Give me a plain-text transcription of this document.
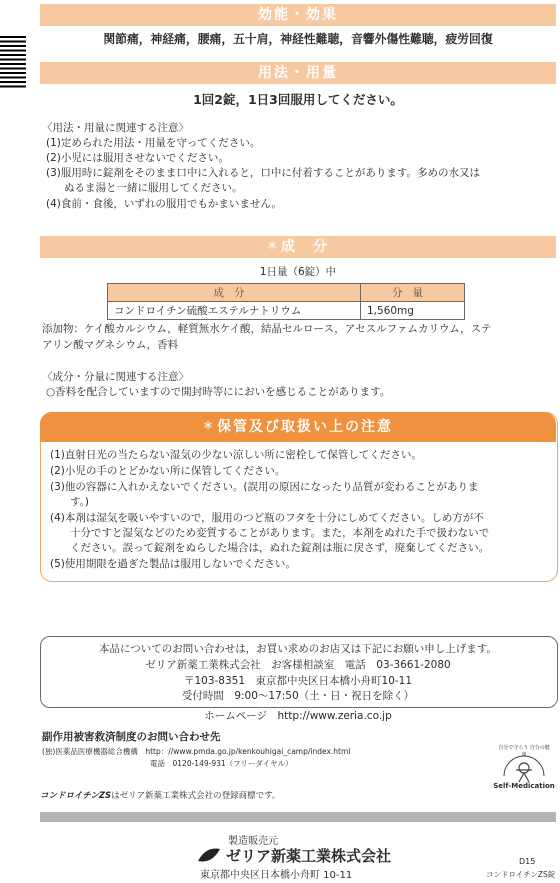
効能・効果
関節痛，神経痛，腰痛，五十肩，神経性難聴，音響外傷性難聴，疲労回復
用法・用量
1回2錠，1日3回服用してください。
〈用法・用量に関連する注意〉
(1)定められた用法・用量を守ってください。
(2)小児には服用させないでください。
(3)服用時に錠剤をそのまま口中に入れると，口中に付着することがあります。多めの水又は
ぬるま湯と一緒に服用してください。
(4)食前・食後，いずれの服用でもかまいません。
＊ 成　分
1日量（6錠）中
成分	分量
コンドロイチン硫酸エステルナトリウム	1,560mg
添加物：ケイ酸カルシウム，軽質無水ケイ酸，結晶セルロース，アセスルファムカリウム，ステ
アリン酸マグネシウム，香料
〈成分・分量に関連する注意〉
○香料を配合していますので開封時等ににおいを感じることがあります。
＊ 保管及び取扱い上の注意
(1)直射日光の当たらない湿気の少ない涼しい所に密栓して保管してください。
(2)小児の手のとどかない所に保管してください。
(3)他の容器に入れかえないでください。(誤用の原因になったり品質が変わることがありま
す。)
(4)本剤は湿気を吸いやすいので，服用のつど瓶のフタを十分にしめてください。しめ方が不
十分ですと湿気などのため変質することがあります。また，本剤をぬれた手で扱わないで
ください。誤って錠剤をぬらした場合は，ぬれた錠剤は瓶に戻さず，廃棄してください。
(5)使用期限を過ぎた製品は服用しないでください。
本品についてのお問い合わせは，お買い求めのお店又は下記にお願い申し上げます。
ゼリア新薬工業株式会社　お客様相談室　電話　03-3661-2080
〒103-8351　東京都中央区日本橋小舟町10-11
受付時間　9:00〜17:50（土・日・祝日を除く）
ホームページ　http://www.zeria.co.jp
副作用被害救済制度のお問い合わせ先
(独)医薬品医療機器総合機構　http：//www.pmda.go.jp/kenkouhigai_camp/index.html
電話　0120-149-931（フリーダイヤル）
自分で守ろう 自分の健康
Self-Medication
コンドロイチンZSはゼリア新薬工業株式会社の登録商標です。
製造販売元
ゼリア新薬工業株式会社
東京都中央区日本橋小舟町 10-11
D15
コンドロイチンZS錠
